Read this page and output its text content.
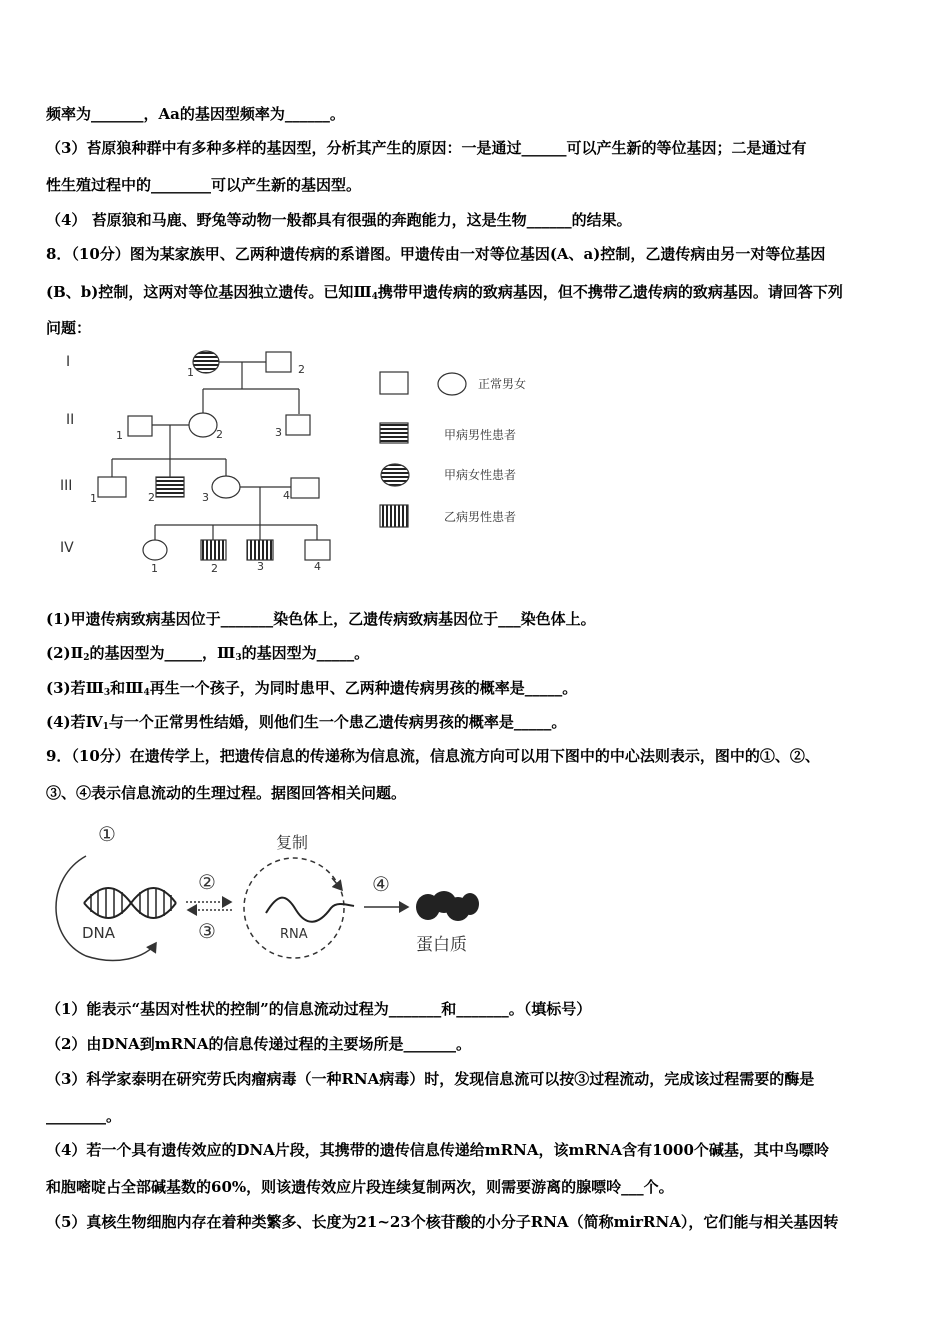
频率为_______，Aa的基因型频率为______。
（3）苔原狼种群中有多种多样的基因型，分析其产生的原因：一是通过______可以产生新的等位基因；二是通过有
性生殖过程中的________可以产生新的基因型。
（4） 苔原狼和马鹿、野兔等动物一般都具有很强的奔跑能力，这是生物______的结果。
8．（10分）图为某家族甲、乙两种遗传病的系谱图。甲遗传由一对等位基因(A、a)控制，乙遗传病由另一对等位基因
(B、b)控制，这两对等位基因独立遗传。已知$Ⅲ_4$携带甲遗传病的致病基因，但不携带乙遗传病的致病基因。请回答下列
问题：
I
II
III
IV
1	2
1	2	3
1	2	3	4
1	2	3	4
正常男女
甲病男性患者
甲病女性患者
乙病男性患者
(1)甲遗传病致病基因位于_______染色体上，乙遗传病致病基因位于___染色体上。
$(2)Ⅱ_2$的基因型为_____，$Ⅲ_3$的基因型为_____。
(3)若$Ⅲ_3$和$Ⅲ_4$再生一个孩子，为同时患甲、乙两种遗传病男孩的概率是_____。
(4)若$Ⅳ_1$与一个正常男性结婚，则他们生一个患乙遗传病男孩的概率是_____。
9．（10分）在遗传学上，把遗传信息的传递称为信息流，信息流方向可以用下图中的中心法则表示，图中的①、②、
③、④表示信息流动的生理过程。据图回答相关问题。
①
DNA
②
③
复制
RNA
④
蛋白质
（1）能表示“基因对性状的控制”的信息流动过程为_______和_______。（填标号）
（2）由DNA到mRNA的信息传递过程的主要场所是_______。
（3）科学家泰明在研究劳氏肉瘤病毒（一种RNA病毒）时，发现信息流可以按③过程流动，完成该过程需要的酶是
________。
（4）若一个具有遗传效应的DNA片段，其携带的遗传信息传递给mRNA，该mRNA含有1000个碱基，其中鸟嘌呤
和胞嘧啶占全部碱基数的60%，则该遗传效应片段连续复制两次，则需要游离的腺嘌呤___个。
（5）真核生物细胞内存在着种类繁多、长度为21~23个核苷酸的小分子RNA（简称mirRNA），它们能与相关基因转
